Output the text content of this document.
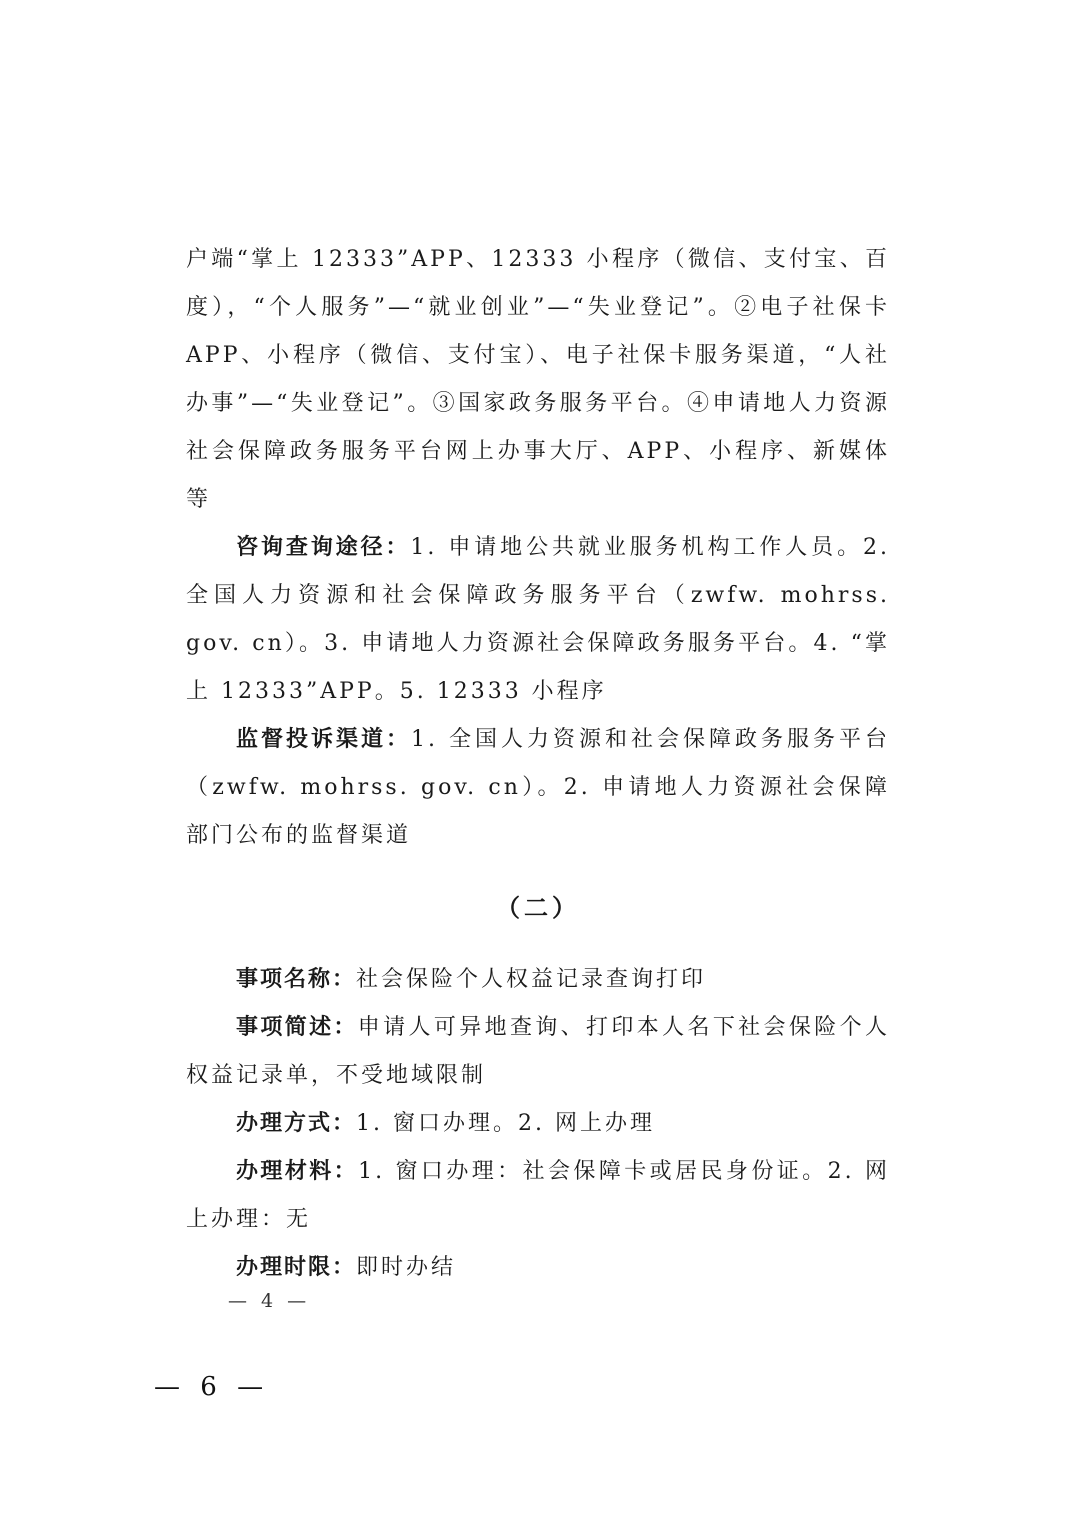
户端“掌上 12333”APP、12333 小程序（微信、支付宝、百度），“个人服务”—“就业创业”—“失业登记”。②电子社保卡 APP、小程序（微信、支付宝）、电子社保卡服务渠道，“人社办事”—“失业登记”。③国家政务服务平台。④申请地人力资源社会保障政务服务平台网上办事大厅、APP、小程序、新媒体等

咨询查询途径：1. 申请地公共就业服务机构工作人员。2. 全国人力资源和社会保障政务服务平台（zwfw. mohrss. gov. cn）。3. 申请地人力资源社会保障政务服务平台。4. “掌上 12333”APP。5. 12333 小程序

监督投诉渠道：1. 全国人力资源和社会保障政务服务平台（zwfw. mohrss. gov. cn）。2. 申请地人力资源社会保障部门公布的监督渠道

（二）

事项名称：社会保险个人权益记录查询打印

事项简述：申请人可异地查询、打印本人名下社会保险个人权益记录单，不受地域限制

办理方式：1. 窗口办理。2. 网上办理

办理材料：1. 窗口办理：社会保障卡或居民身份证。2. 网上办理：无

办理时限：即时办结

— 4 —
— 6 —
